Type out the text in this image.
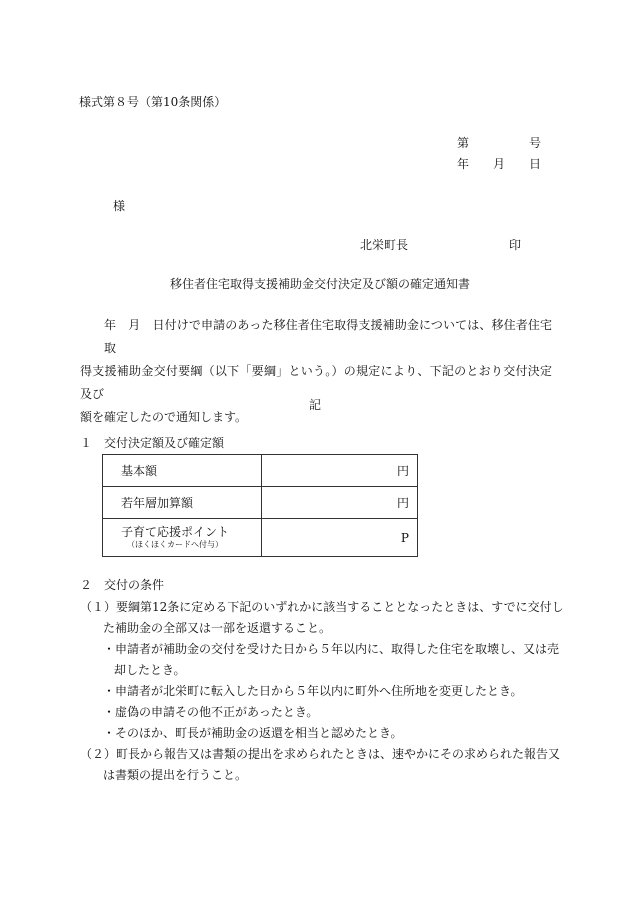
様式第８号（第10条関係）
第	号
年 月 日
様
北栄町長	印
移住者住宅取得支援補助金交付決定及び額の確定通知書
年　月　日付けで申請のあった移住者住宅取得支援補助金については、移住者住宅取
得支援補助金交付要綱（以下「要綱」という。）の規定により、下記のとおり交付決定及び
額を確定したので通知します。
記
１　交付決定額及び確定額
基本額	円
若年層加算額	円
子育て応援ポイント
（ほくほくカードへ付与）	P
２　交付の条件
（１）要綱第12条に定める下記のいずれかに該当することとなったときは、すでに交付し
た補助金の全部又は一部を返還すること。
・申請者が補助金の交付を受けた日から５年以内に、取得した住宅を取壊し、又は売
却したとき。
・申請者が北栄町に転入した日から５年以内に町外へ住所地を変更したとき。
・虚偽の申請その他不正があったとき。
・そのほか、町長が補助金の返還を相当と認めたとき。
（２）町長から報告又は書類の提出を求められたときは、速やかにその求められた報告又
は書類の提出を行うこと。
